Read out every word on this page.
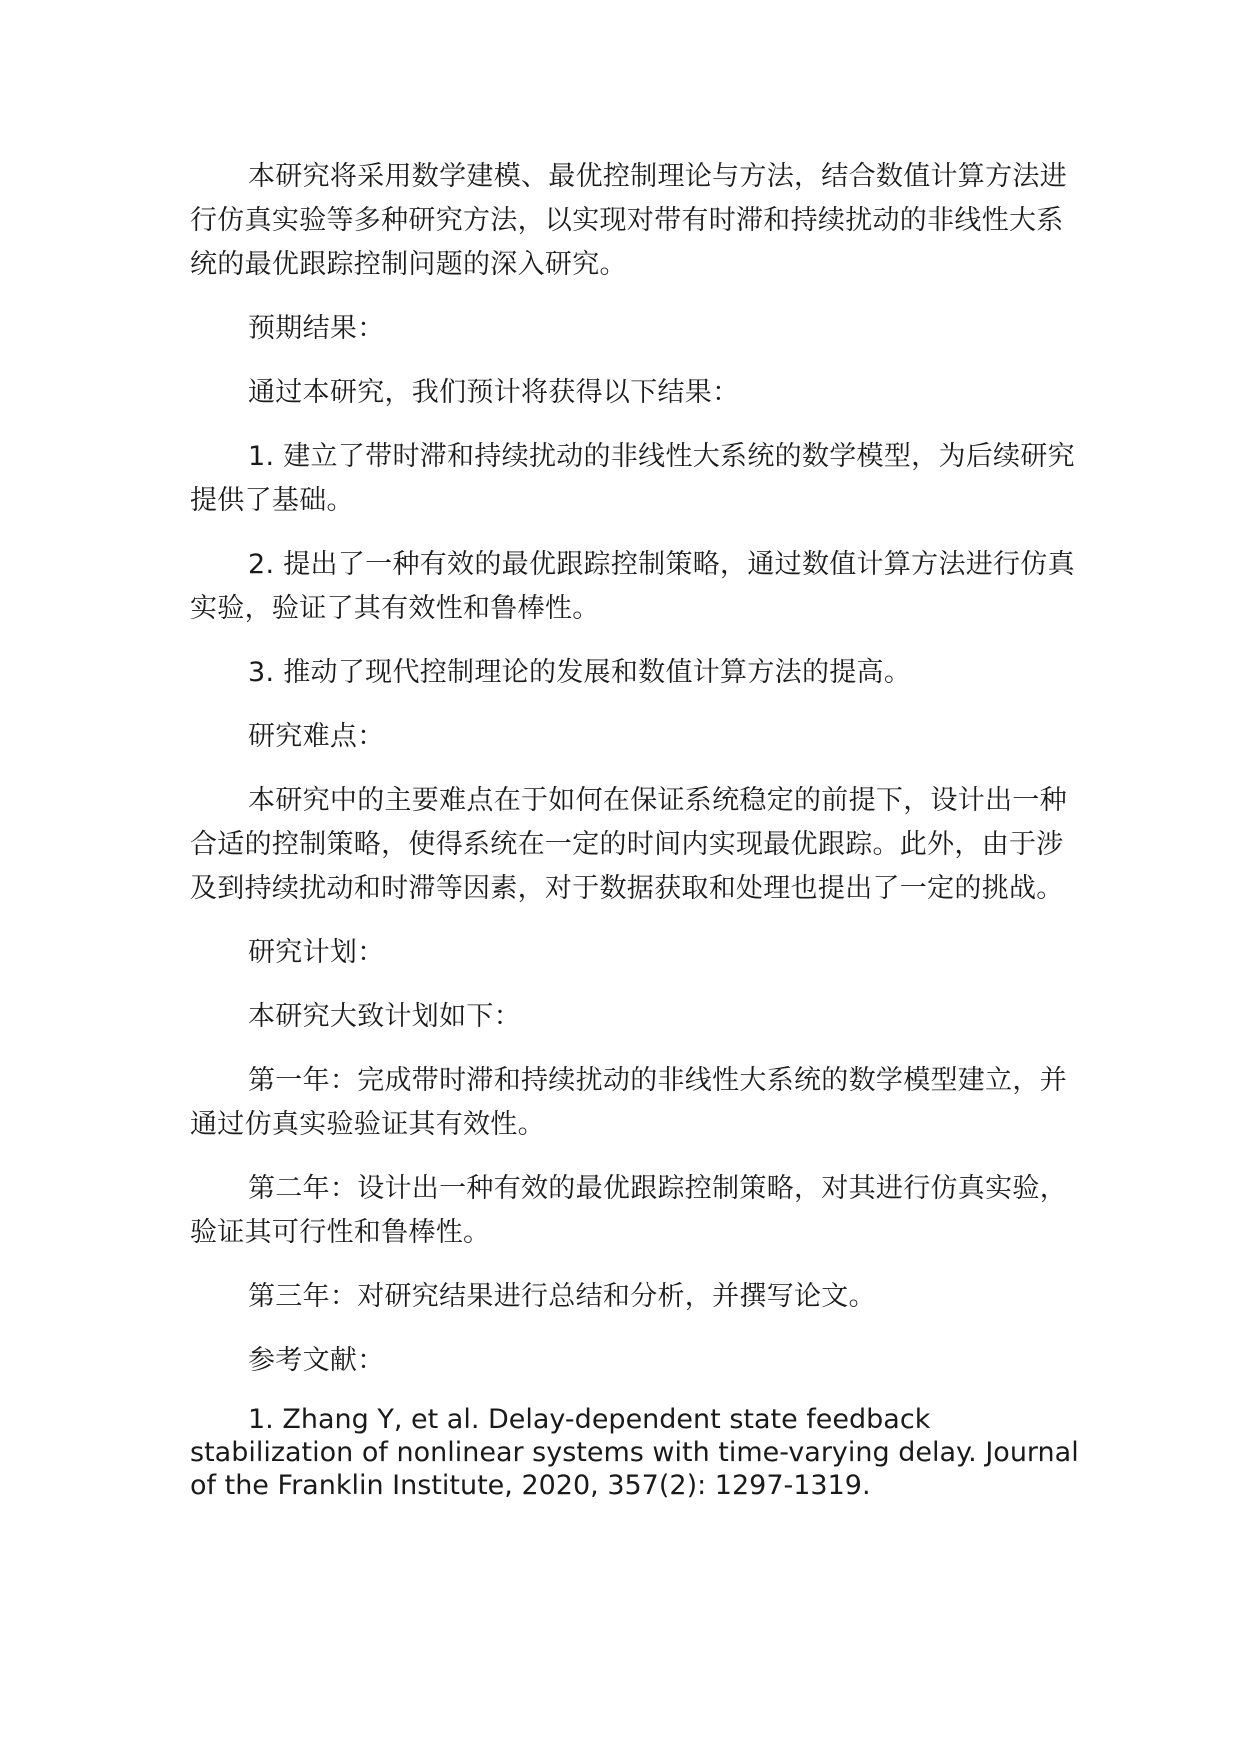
本研究将采用数学建模、最优控制理论与方法，结合数值计算方法进行仿真实验等多种研究方法，以实现对带有时滞和持续扰动的非线性大系统的最优跟踪控制问题的深入研究。

预期结果：

通过本研究，我们预计将获得以下结果：

1. 建立了带时滞和持续扰动的非线性大系统的数学模型，为后续研究提供了基础。

2. 提出了一种有效的最优跟踪控制策略，通过数值计算方法进行仿真实验，验证了其有效性和鲁棒性。

3. 推动了现代控制理论的发展和数值计算方法的提高。

研究难点：

本研究中的主要难点在于如何在保证系统稳定的前提下，设计出一种合适的控制策略，使得系统在一定的时间内实现最优跟踪。此外，由于涉及到持续扰动和时滞等因素，对于数据获取和处理也提出了一定的挑战。

研究计划：

本研究大致计划如下：

第一年：完成带时滞和持续扰动的非线性大系统的数学模型建立，并通过仿真实验验证其有效性。

第二年：设计出一种有效的最优跟踪控制策略，对其进行仿真实验，验证其可行性和鲁棒性。

第三年：对研究结果进行总结和分析，并撰写论文。

参考文献：

1. Zhang Y, et al. Delay-dependent state feedback stabilization of nonlinear systems with time-varying delay. Journal of the Franklin Institute, 2020, 357(2): 1297-1319.
